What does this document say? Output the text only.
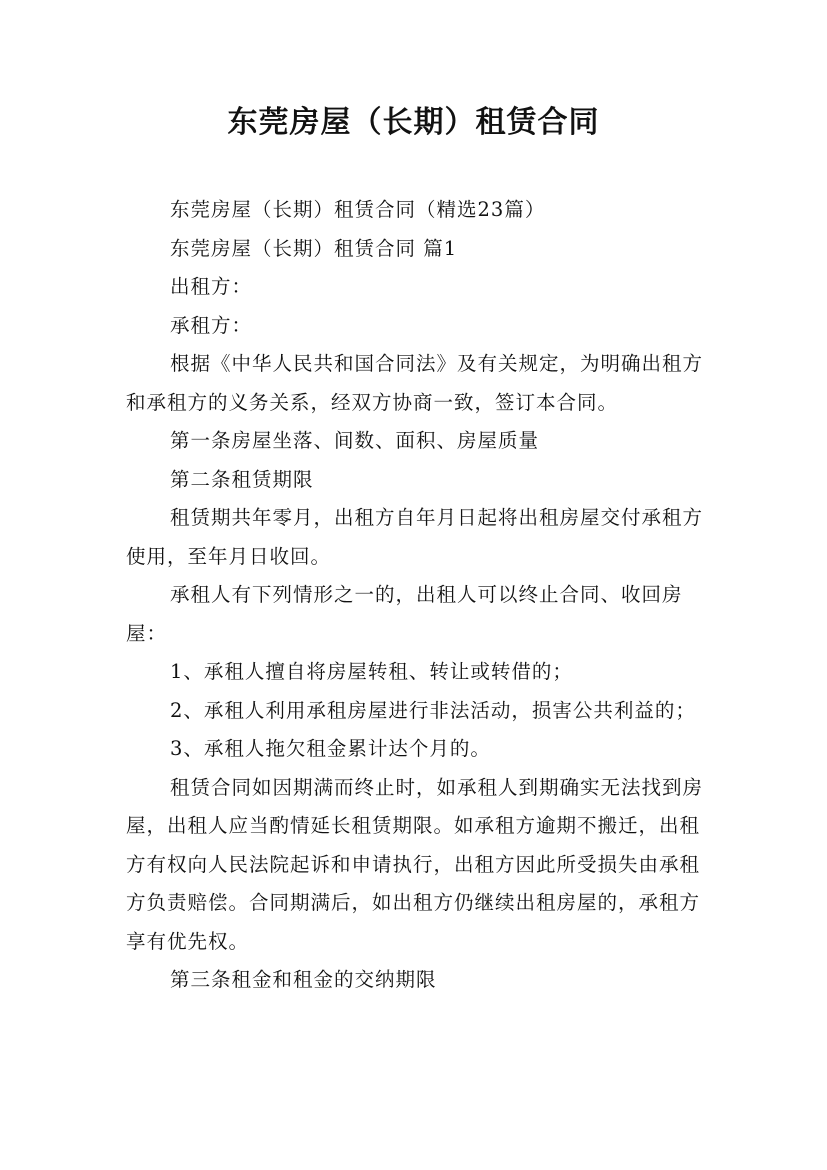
东莞房屋（长期）租赁合同

东莞房屋（长期）租赁合同（精选23篇）

东莞房屋（长期）租赁合同 篇1

出租方：

承租方：

根据《中华人民共和国合同法》及有关规定，为明确出租方和承租方的义务关系，经双方协商一致，签订本合同。

第一条房屋坐落、间数、面积、房屋质量

第二条租赁期限

租赁期共年零月，出租方自年月日起将出租房屋交付承租方使用，至年月日收回。

承租人有下列情形之一的，出租人可以终止合同、收回房屋：

1、承租人擅自将房屋转租、转让或转借的；

2、承租人利用承租房屋进行非法活动，损害公共利益的；

3、承租人拖欠租金累计达个月的。

租赁合同如因期满而终止时，如承租人到期确实无法找到房屋，出租人应当酌情延长租赁期限。如承租方逾期不搬迁，出租方有权向人民法院起诉和申请执行，出租方因此所受损失由承租方负责赔偿。合同期满后，如出租方仍继续出租房屋的，承租方享有优先权。

第三条租金和租金的交纳期限
